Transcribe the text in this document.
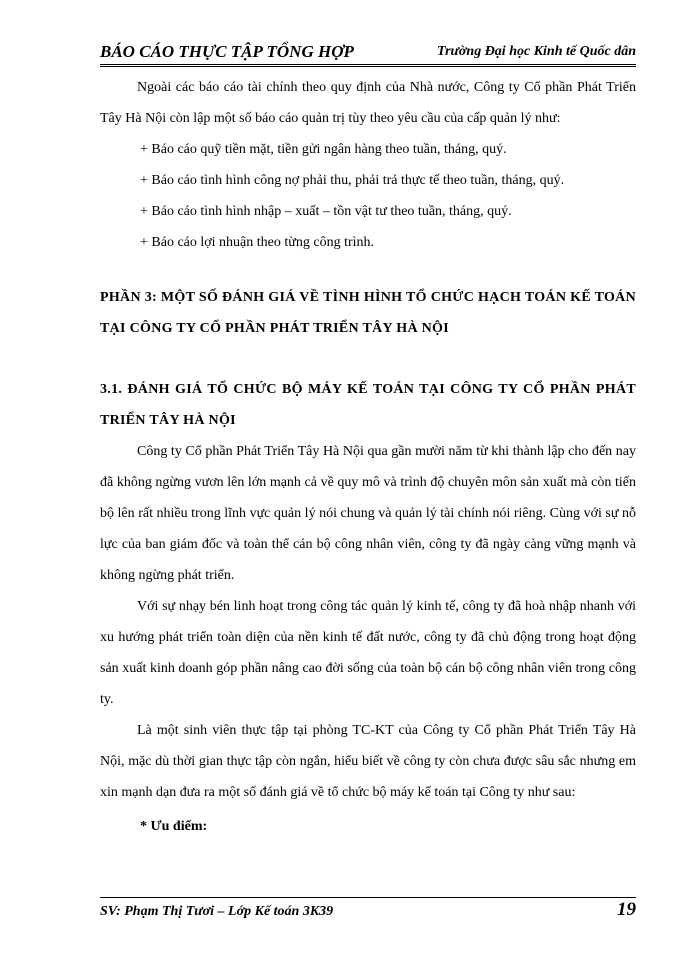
BÁO CÁO THỰC TẬP TỔNG HỢP	Trường Đại học Kinh tế Quốc dân

Ngoài các báo cáo tài chính theo quy định của Nhà nước, Công ty Cổ phần Phát Triển Tây Hà Nội còn lập một số báo cáo quản trị tùy theo yêu cầu của cấp quản lý như:

+ Báo cáo quỹ tiền mặt, tiền gửi ngân hàng theo tuần, tháng, quý.

+ Báo cáo tình hình công nợ phải thu, phải trả thực tế theo tuần, tháng, quý.

+ Báo cáo tình hình nhập – xuất – tồn vật tư theo tuần, tháng, quý.

+ Báo cáo lợi nhuận theo từng công trình.

PHẦN 3: MỘT SỐ ĐÁNH GIÁ VỀ TÌNH HÌNH TỔ CHỨC HẠCH TOÁN KẾ TOÁN TẠI CÔNG TY CỔ PHẦN PHÁT TRIỂN TÂY HÀ NỘI

3.1. ĐÁNH GIÁ TỔ CHỨC BỘ MÁY KẾ TOÁN TẠI CÔNG TY CỔ PHẦN PHÁT TRIỂN TÂY HÀ NỘI

Công ty Cổ phần Phát Triển Tây Hà Nội qua gần mười năm từ khi thành lập cho đến nay đã không ngừng vươn lên lớn mạnh cả về quy mô và trình độ chuyên môn sản xuất mà còn tiến bộ lên rất nhiều trong lĩnh vực quản lý nói chung và quản lý tài chính nói riêng. Cùng với sự nỗ lực của ban giám đốc và toàn thể cán bộ công nhân viên, công ty đã ngày càng vững mạnh và không ngừng phát triển.

Với sự nhạy bén linh hoạt trong công tác quản lý kinh tế, công ty đã hoà nhập nhanh với xu hướng phát triển toàn diện của nền kinh tế đất nước, công ty đã chủ động trong hoạt động sản xuất kinh doanh góp phần nâng cao đời sống của toàn bộ cán bộ công nhân viên trong công ty.

Là một sinh viên thực tập tại phòng TC-KT của Công ty Cổ phần Phát Triển Tây Hà Nội, mặc dù thời gian thực tập còn ngắn, hiểu biết về công ty còn chưa được sâu sắc nhưng em xin mạnh dạn đưa ra một số đánh giá về tổ chức bộ máy kế toán tại Công ty như sau:

* Ưu điểm:

SV: Phạm Thị Tươi – Lớp Kế toán 3K39	19
